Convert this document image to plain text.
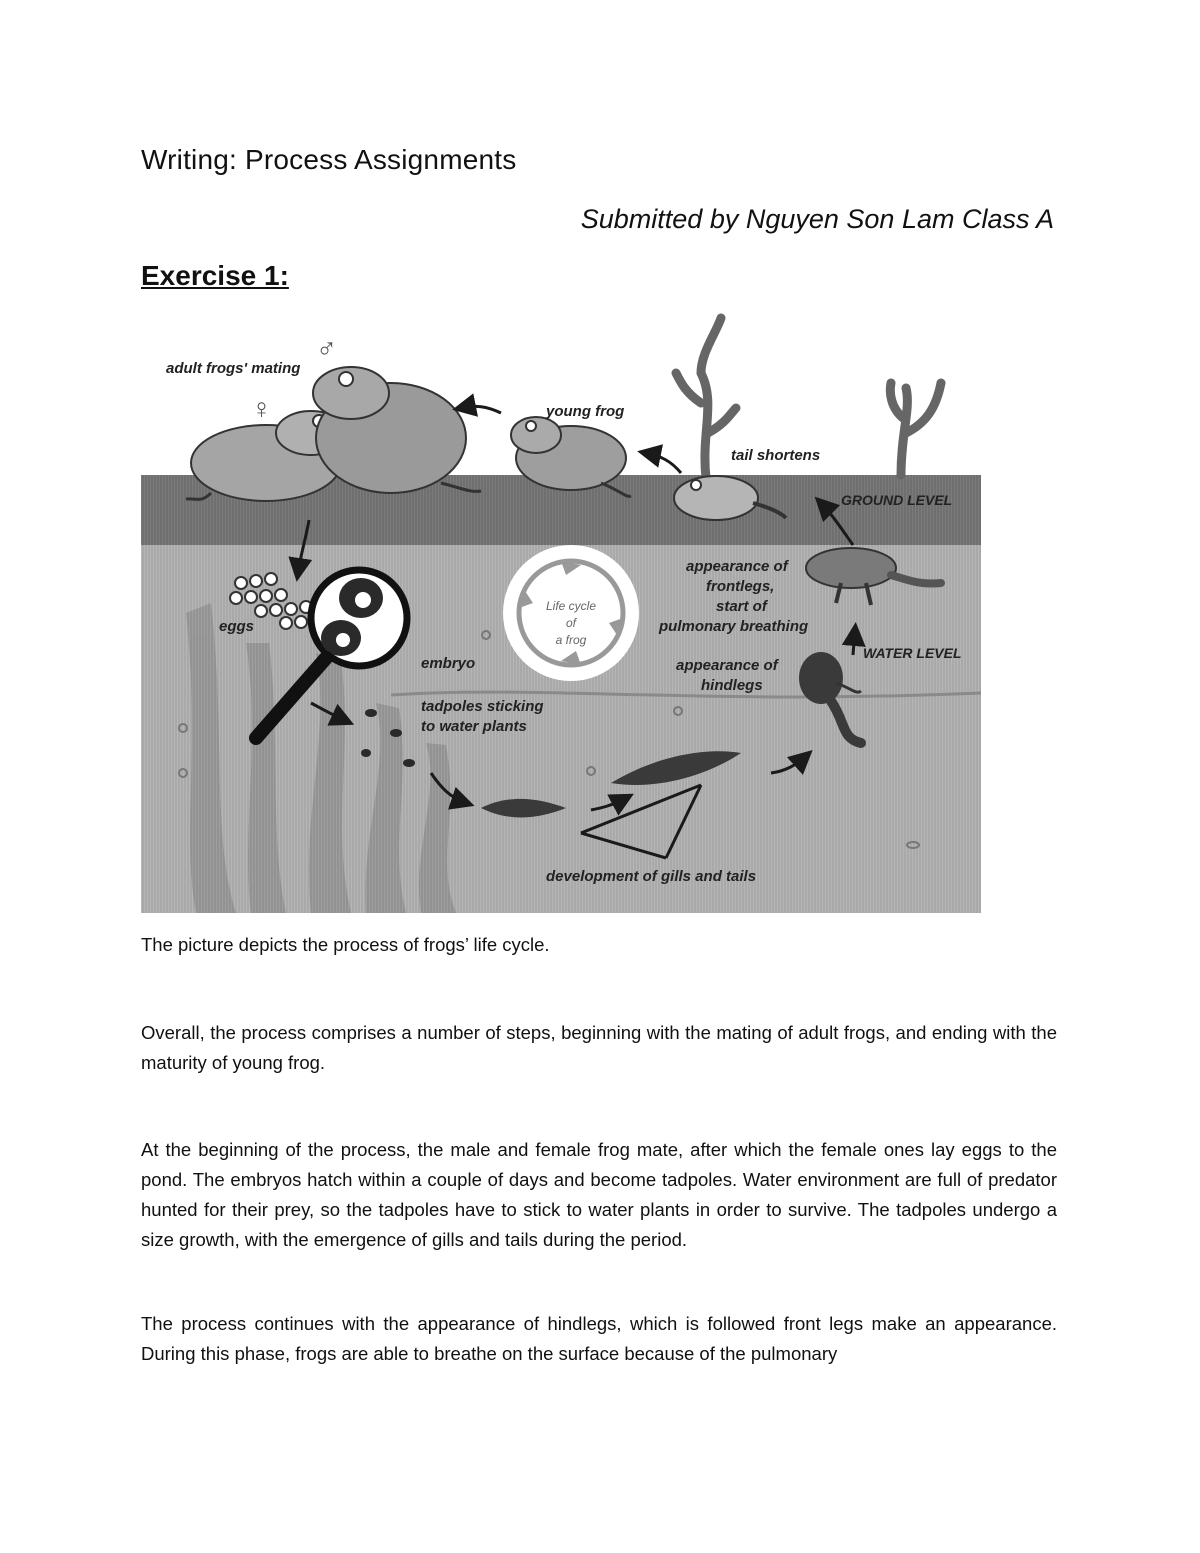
Writing: Process Assignments
Submitted by Nguyen Son Lam Class A
Exercise 1:
adult frogs' mating
♂
♀	young frog
tail shortens
GROUND LEVEL
appearance of
frontlegs,
start of
pulmonary breathing
WATER LEVEL
appearance of
hindlegs
eggs
embryo
tadpoles sticking
to water plants
development of gills and tails
Life cycle
of
a frog

The picture depicts the process of frogs’ life cycle.

Overall, the process comprises a number of steps, beginning with the mating of adult frogs, and ending with the maturity of young frog.

At the beginning of the process, the male and female frog mate, after which the female ones lay eggs to the pond. The embryos hatch within a couple of days and become tadpoles. Water environment are full of predator hunted for their prey, so the tadpoles have to stick to water plants in order to survive. The tadpoles undergo a size growth, with the emergence of gills and tails during the period.

The process continues with the appearance of hindlegs, which is followed front legs make an appearance. During this phase, frogs are able to breathe on the surface because of the pulmonary
